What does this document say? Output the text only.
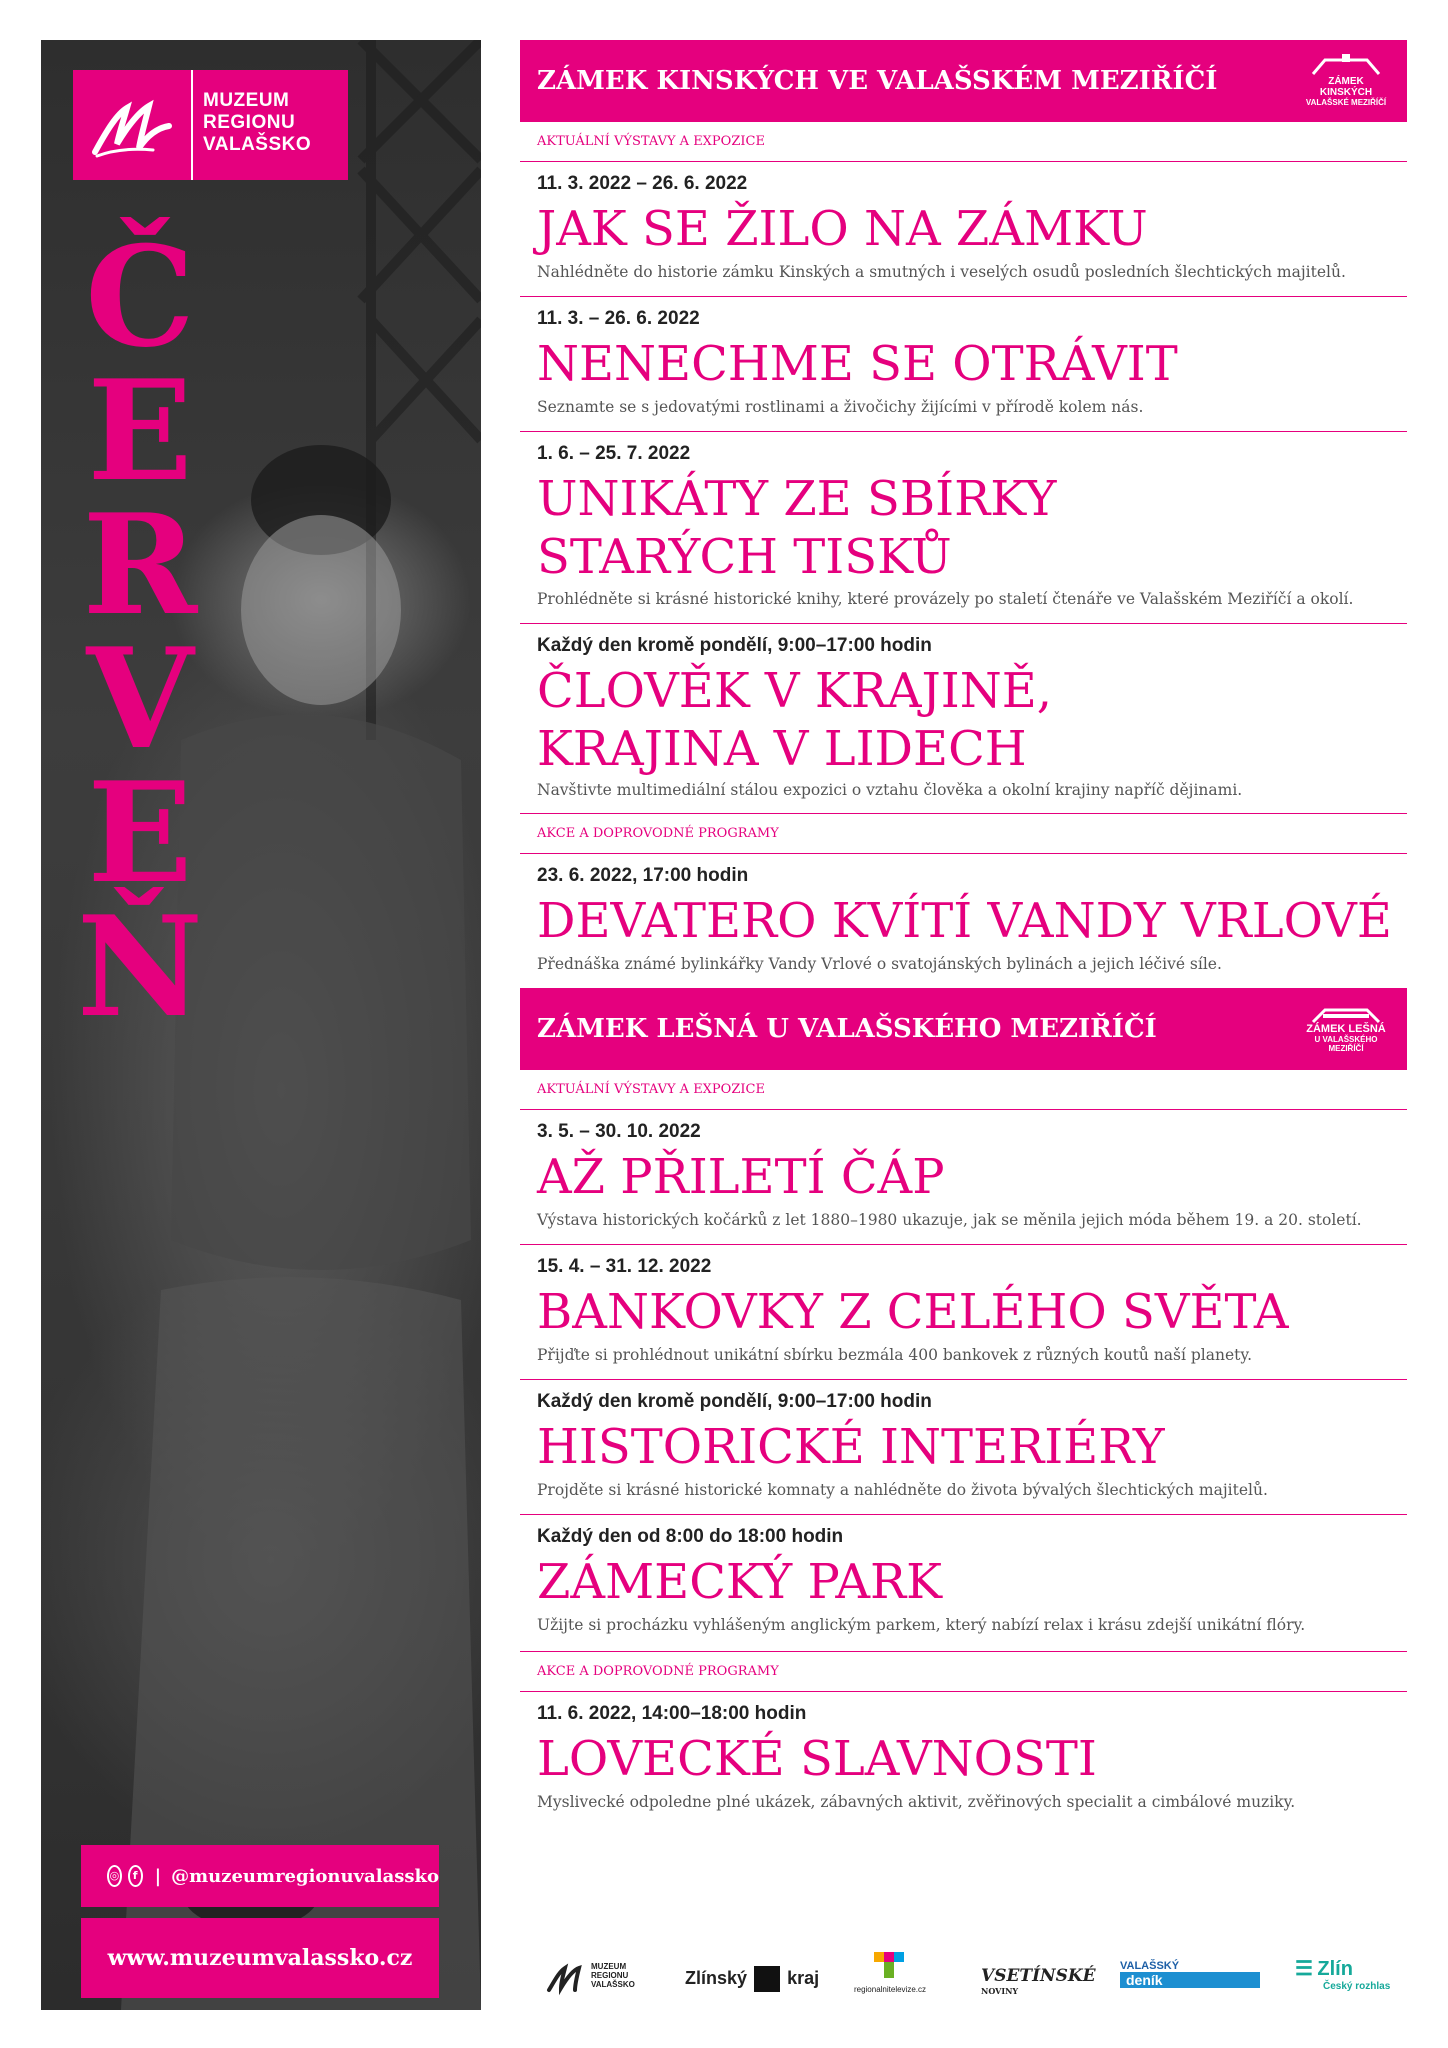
MUZEUM
REGIONU
VALAŠSKO
Č
E
R
V
E
Ň
◎	f | @muzeumregionuvalassko
www.muzeumvalassko.cz
ZÁMEK KINSKÝCH VE VALAŠSKÉM MEZIŘÍČÍ	ZÁMEK KINSKÝCH
VALAŠSKÉ MEZIŘÍČÍ
AKTUÁLNÍ VÝSTAVY A EXPOZICE
11. 3. 2022 – 26. 6. 2022
JAK SE ŽILO NA ZÁMKU
Nahlédněte do historie zámku Kinských a smutných i veselých osudů posledních šlechtických majitelů.
11. 3. – 26. 6. 2022
NENECHME SE OTRÁVIT
Seznamte se s jedovatými rostlinami a živočichy žijícími v přírodě kolem nás.
1. 6. – 25. 7. 2022
UNIKÁTY ZE SBÍRKY
STARÝCH TISKŮ
Prohlédněte si krásné historické knihy, které provázely po staletí čtenáře ve Valašském Meziříčí a okolí.
Každý den kromě pondělí, 9:00–17:00 hodin
ČLOVĚK V KRAJINĚ,
KRAJINA V LIDECH
Navštivte multimediální stálou expozici o vztahu člověka a okolní krajiny napříč dějinami.
AKCE A DOPROVODNÉ PROGRAMY
23. 6. 2022, 17:00 hodin
DEVATERO KVÍTÍ VANDY VRLOVÉ
Přednáška známé bylinkářky Vandy Vrlové o svatojánských bylinách a jejich léčivé síle.
ZÁMEK LEŠNÁ U VALAŠSKÉHO MEZIŘÍČÍ	ZÁMEK LEŠNÁ
U VALAŠSKÉHO MEZIŘÍČÍ
AKTUÁLNÍ VÝSTAVY A EXPOZICE
3. 5. – 30. 10. 2022
AŽ PŘILETÍ ČÁP
Výstava historických kočárků z let 1880–1980 ukazuje, jak se měnila jejich móda během 19. a 20. století.
15. 4. – 31. 12. 2022
BANKOVKY Z CELÉHO SVĚTA
Přijďte si prohlédnout unikátní sbírku bezmála 400 bankovek z různých koutů naší planety.
Každý den kromě pondělí, 9:00–17:00 hodin
HISTORICKÉ INTERIÉRY
Projděte si krásné historické komnaty a nahlédněte do života bývalých šlechtických majitelů.
Každý den od 8:00 do 18:00 hodin
ZÁMECKÝ PARK
Užijte si procházku vyhlášeným anglickým parkem, který nabízí relax i krásu zdejší unikátní flóry.
AKCE A DOPROVODNÉ PROGRAMY
11. 6. 2022, 14:00–18:00 hodin
LOVECKÉ SLAVNOSTI
Myslivecké odpoledne plné ukázek, zábavných aktivit, zvěřinových specialit a cimbálové muziky.
MUZEUM
REGIONU
VALAŠSKO	Zlínský kraj
regionalnitelevize.cz
VSETÍNSKÉ
NOVINY
VALAŠSKÝ
deník	☰ Zlín
Český rozhlas
